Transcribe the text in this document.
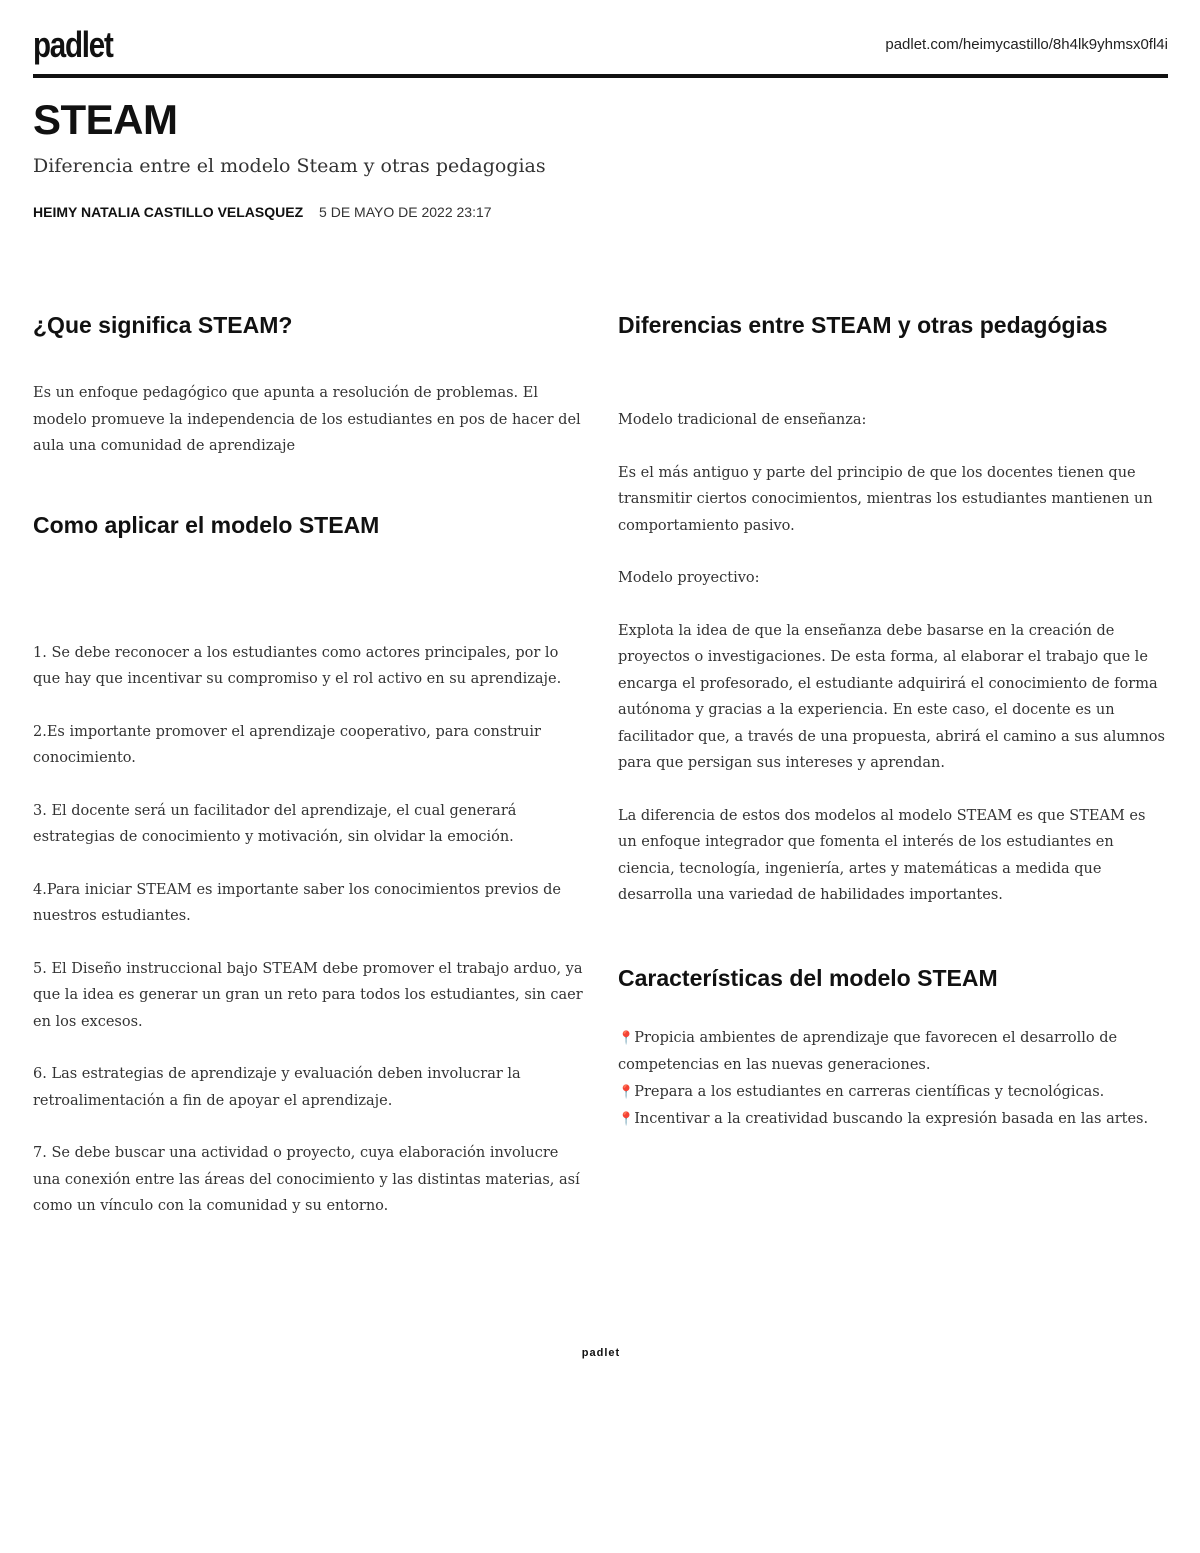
padlet	padlet.com/heimycastillo/8h4lk9yhmsx0fl4i
STEAM
Diferencia entre el modelo Steam y otras pedagogias
HEIMY NATALIA CASTILLO VELASQUEZ 5 DE MAYO DE 2022 23:17
¿Que significa STEAM?

Es un enfoque pedagógico que apunta a resolución de problemas. El modelo promueve la independencia de los estudiantes en pos de hacer del aula una comunidad de aprendizaje

Como aplicar el modelo STEAM

1. Se debe reconocer a los estudiantes como actores principales, por lo que hay que incentivar su compromiso y el rol activo en su aprendizaje.

2.Es importante promover el aprendizaje cooperativo, para construir conocimiento.

3. El docente será un facilitador del aprendizaje, el cual generará estrategias de conocimiento y motivación, sin olvidar la emoción.

4.Para iniciar STEAM es importante saber los conocimientos previos de nuestros estudiantes.

5. El Diseño instruccional bajo STEAM debe promover el trabajo arduo, ya que la idea es generar un gran un reto para todos los estudiantes, sin caer en los excesos.

6. Las estrategias de aprendizaje y evaluación deben involucrar la retroalimentación a fin de apoyar el aprendizaje.

7. Se debe buscar una actividad o proyecto, cuya elaboración involucre una conexión entre las áreas del conocimiento y las distintas materias, así como un vínculo con la comunidad y su entorno.

Diferencias entre STEAM y otras pedagógias

Modelo tradicional de enseñanza:

Es el más antiguo y parte del principio de que los docentes tienen que transmitir ciertos conocimientos, mientras los estudiantes mantienen un comportamiento pasivo.

Modelo proyectivo:

Explota la idea de que la enseñanza debe basarse en la creación de proyectos o investigaciones. De esta forma, al elaborar el trabajo que le encarga el profesorado, el estudiante adquirirá el conocimiento de forma autónoma y gracias a la experiencia. En este caso, el docente es un facilitador que, a través de una propuesta, abrirá el camino a sus alumnos para que persigan sus intereses y aprendan.

La diferencia de estos dos modelos al modelo STEAM es que STEAM es un enfoque integrador que fomenta el interés de los estudiantes en ciencia, tecnología, ingeniería, artes y matemáticas a medida que desarrolla una variedad de habilidades importantes.

Características del modelo STEAM

📍Propicia ambientes de aprendizaje que favorecen el desarrollo de competencias en las nuevas generaciones.

📍Prepara a los estudiantes en carreras científicas y tecnológicas.

📍Incentivar a la creatividad buscando la expresión basada en las artes.

padlet
